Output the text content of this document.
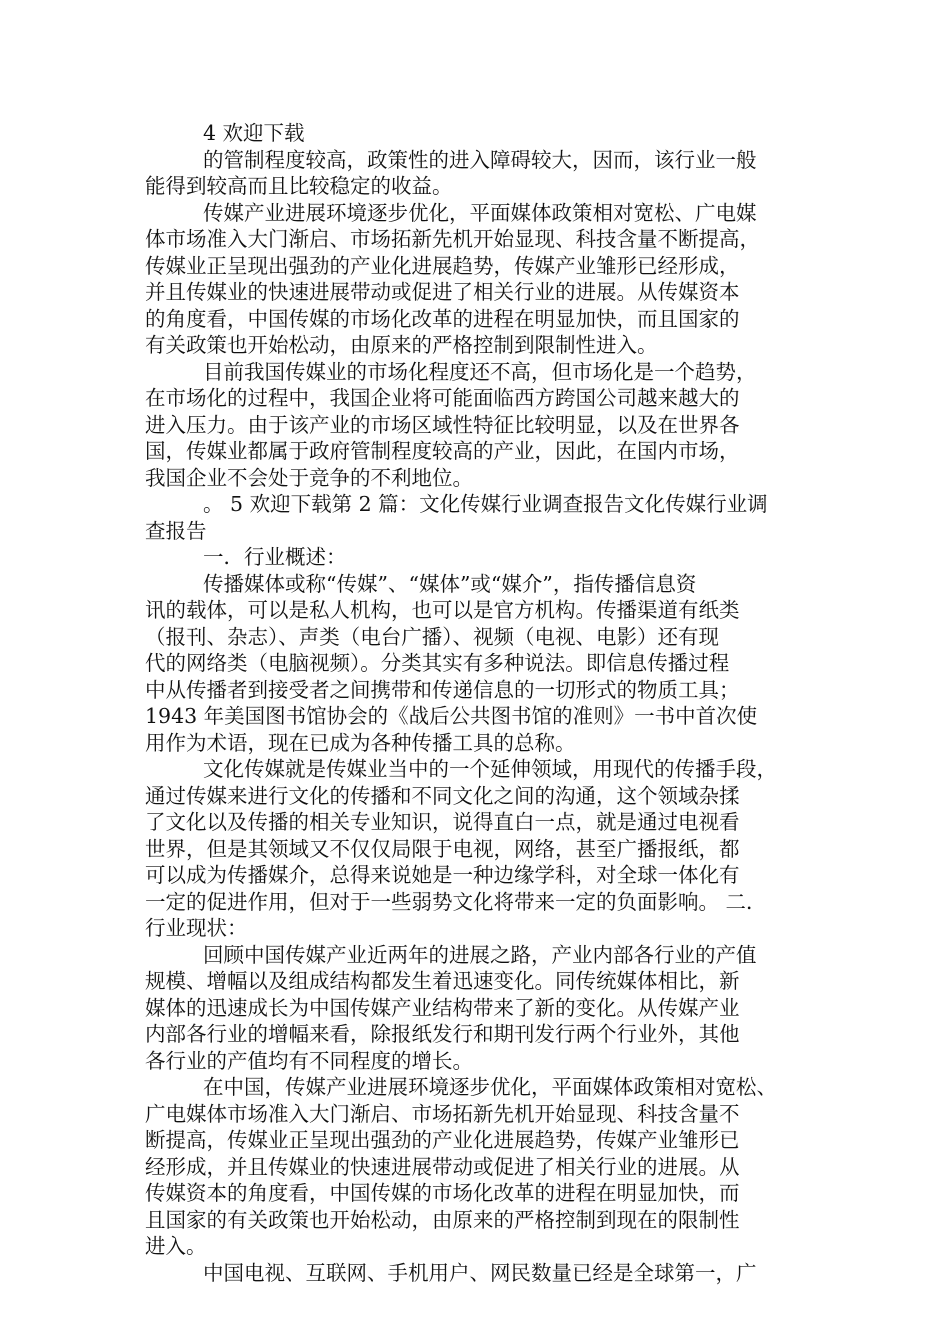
4 欢迎下载
的管制程度较高，政策性的进入障碍较大，因而，该行业一般
能得到较高而且比较稳定的收益。
传媒产业进展环境逐步优化，平面媒体政策相对宽松、广电媒
体市场准入大门渐启、市场拓新先机开始显现、科技含量不断提高，
传媒业正呈现出强劲的产业化进展趋势，传媒产业雏形已经形成，
并且传媒业的快速进展带动或促进了相关行业的进展。从传媒资本
的角度看，中国传媒的市场化改革的进程在明显加快，而且国家的
有关政策也开始松动，由原来的严格控制到限制性进入。
目前我国传媒业的市场化程度还不高，但市场化是一个趋势，
在市场化的过程中，我国企业将可能面临西方跨国公司越来越大的
进入压力。由于该产业的市场区域性特征比较明显，以及在世界各
国，传媒业都属于政府管制程度较高的产业，因此，在国内市场，
我国企业不会处于竞争的不利地位。
。 5 欢迎下载第 2 篇：文化传媒行业调查报告文化传媒行业调
查报告
一．行业概述：
传播媒体或称“传媒”、“媒体”或“媒介”，指传播信息资
讯的载体，可以是私人机构，也可以是官方机构。传播渠道有纸类
（报刊、杂志）、声类（电台广播）、视频（电视、电影）还有现
代的网络类（电脑视频）。分类其实有多种说法。即信息传播过程
中从传播者到接受者之间携带和传递信息的一切形式的物质工具；
1943 年美国图书馆协会的《战后公共图书馆的准则》一书中首次使
用作为术语，现在已成为各种传播工具的总称。
文化传媒就是传媒业当中的一个延伸领域，用现代的传播手段，
通过传媒来进行文化的传播和不同文化之间的沟通，这个领域杂揉
了文化以及传播的相关专业知识，说得直白一点，就是通过电视看
世界，但是其领域又不仅仅局限于电视，网络，甚至广播报纸，都
可以成为传播媒介，总得来说她是一种边缘学科，对全球一体化有
一定的促进作用，但对于一些弱势文化将带来一定的负面影响。 二．
行业现状：
回顾中国传媒产业近两年的进展之路，产业内部各行业的产值
规模、增幅以及组成结构都发生着迅速变化。同传统媒体相比，新
媒体的迅速成长为中国传媒产业结构带来了新的变化。从传媒产业
内部各行业的增幅来看，除报纸发行和期刊发行两个行业外，其他
各行业的产值均有不同程度的增长。
在中国，传媒产业进展环境逐步优化，平面媒体政策相对宽松、
广电媒体市场准入大门渐启、市场拓新先机开始显现、科技含量不
断提高，传媒业正呈现出强劲的产业化进展趋势，传媒产业雏形已
经形成，并且传媒业的快速进展带动或促进了相关行业的进展。从
传媒资本的角度看，中国传媒的市场化改革的进程在明显加快，而
且国家的有关政策也开始松动，由原来的严格控制到现在的限制性
进入。
中国电视、互联网、手机用户、网民数量已经是全球第一，广
